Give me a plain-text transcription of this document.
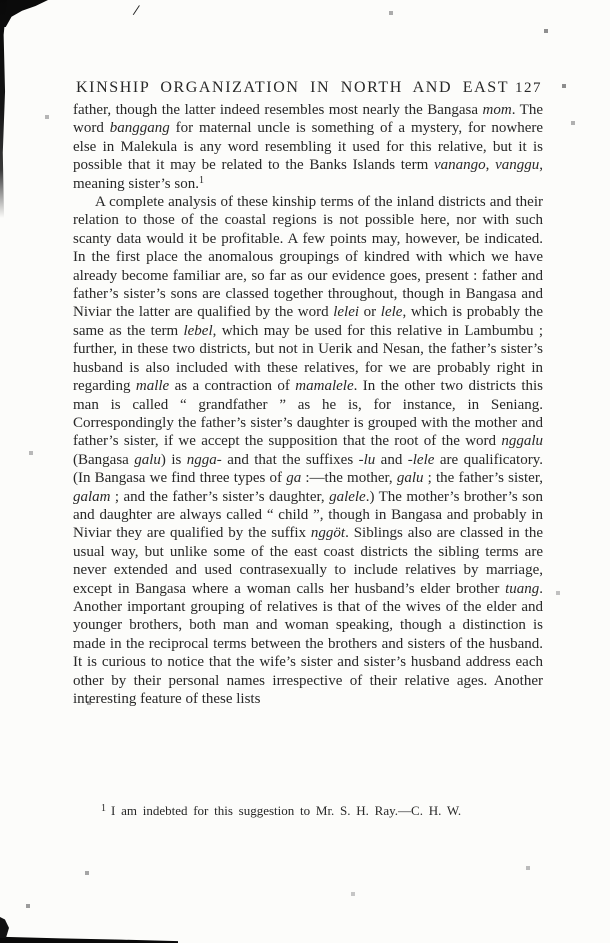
/
KINSHIP ORGANIZATION IN NORTH AND EAST 127

father, though the latter indeed resembles most nearly the Bangasa mom. The word banggang for maternal uncle is something of a mystery, for nowhere else in Malekula is any word resembling it used for this relative, but it is possible that it may be related to the Banks Islands term vanango, vanggu, meaning sister’s son.$^1$

A complete analysis of these kinship terms of the inland districts and their relation to those of the coastal regions is not possible here, nor with such scanty data would it be profitable. A few points may, however, be indicated. In the first place the anomalous groupings of kindred with which we have already become familiar are, so far as our evidence goes, present : father and father’s sister’s sons are classed together throughout, though in Bangasa and Niviar the latter are qualified by the word lelei or lele, which is probably the same as the term lebel, which may be used for this relative in Lambumbu ; further, in these two districts, but not in Uerik and Nesan, the father’s sister’s husband is also included with these relatives, for we are probably right in regarding malle as a contraction of mamalele. In the other two districts this man is called “ grandfather ” as he is, for instance, in Seniang. Correspondingly the father’s sister’s daughter is grouped with the mother and father’s sister, if we accept the supposition that the root of the word nggalu (Bangasa galu) is ngga- and that the suffixes -lu and -lele are qualificatory. (In Bangasa we find three types of ga :—the mother, galu ; the father’s sister, galam ; and the father’s sister’s daughter, galele.) The mother’s brother’s son and daughter are always called “ child ”, though in Bangasa and probably in Niviar they are qualified by the suffix nggöt. Siblings also are classed in the usual way, but unlike some of the east coast districts the sibling terms are never extended and used contrasexually to include relatives by marriage, except in Bangasa where a woman calls her husband’s elder brother tuang. Another important grouping of relatives is that of the wives of the elder and younger brothers, both man and woman speaking, though a distinction is made in the reciprocal terms between the brothers and sisters of the husband. It is curious to notice that the wife’s sister and sister’s husband address each other by their personal names irrespective of their relative ages. Another interesting feature of these lists

$^1$ I am indebted for this suggestion to Mr. S. H. Ray.—C. H. W.
